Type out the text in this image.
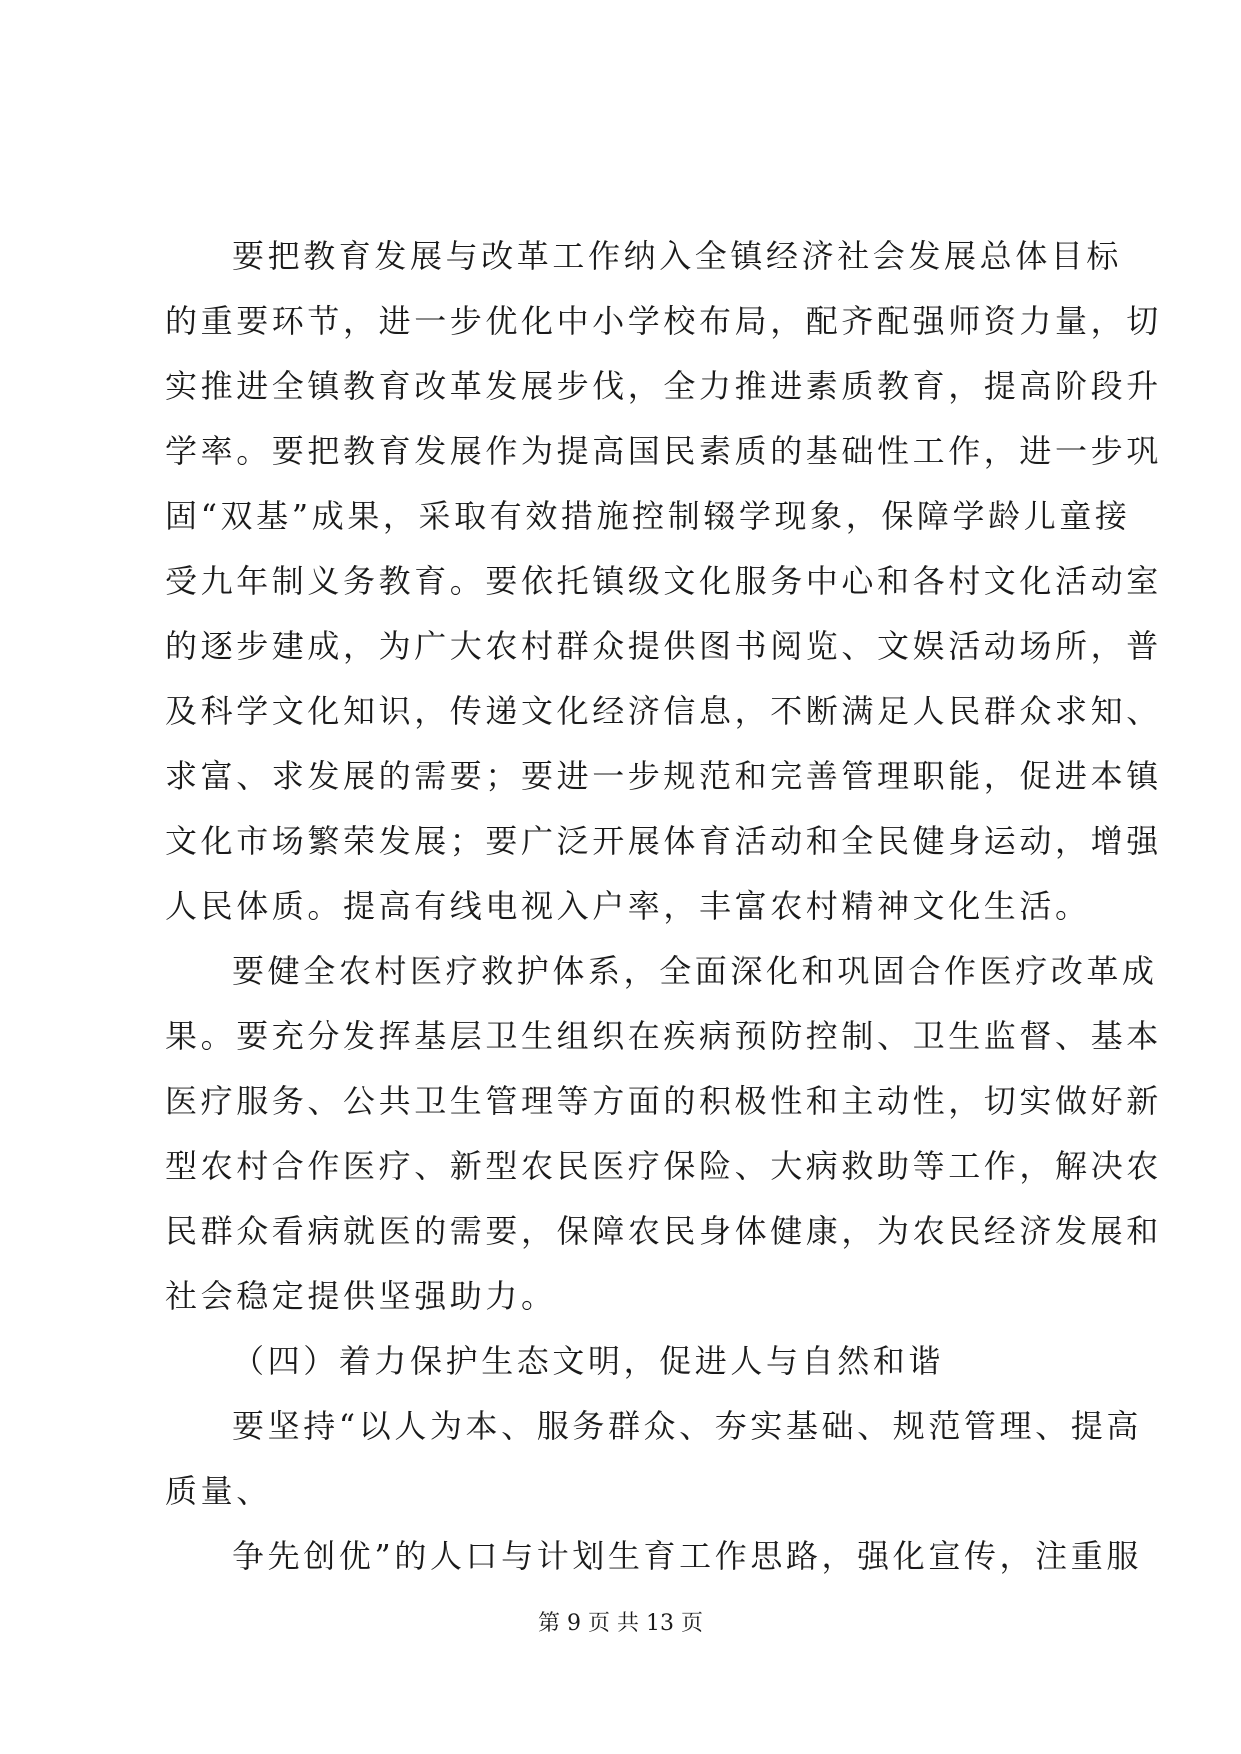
要把教育发展与改革工作纳入全镇经济社会发展总体目标
的重要环节，进一步优化中小学校布局，配齐配强师资力量，切
实推进全镇教育改革发展步伐，全力推进素质教育，提高阶段升
学率。要把教育发展作为提高国民素质的基础性工作，进一步巩
固“双基”成果，采取有效措施控制辍学现象，保障学龄儿童接
受九年制义务教育。要依托镇级文化服务中心和各村文化活动室
的逐步建成，为广大农村群众提供图书阅览、文娱活动场所，普
及科学文化知识，传递文化经济信息，不断满足人民群众求知、
求富、求发展的需要；要进一步规范和完善管理职能，促进本镇
文化市场繁荣发展；要广泛开展体育活动和全民健身运动，增强
人民体质。提高有线电视入户率，丰富农村精神文化生活。
要健全农村医疗救护体系，全面深化和巩固合作医疗改革成
果。要充分发挥基层卫生组织在疾病预防控制、卫生监督、基本
医疗服务、公共卫生管理等方面的积极性和主动性，切实做好新
型农村合作医疗、新型农民医疗保险、大病救助等工作，解决农
民群众看病就医的需要，保障农民身体健康，为农民经济发展和
社会稳定提供坚强助力。
（四）着力保护生态文明，促进人与自然和谐
要坚持“以人为本、服务群众、夯实基础、规范管理、提高
质量、
争先创优”的人口与计划生育工作思路，强化宣传，注重服
第 9 页 共 13 页
